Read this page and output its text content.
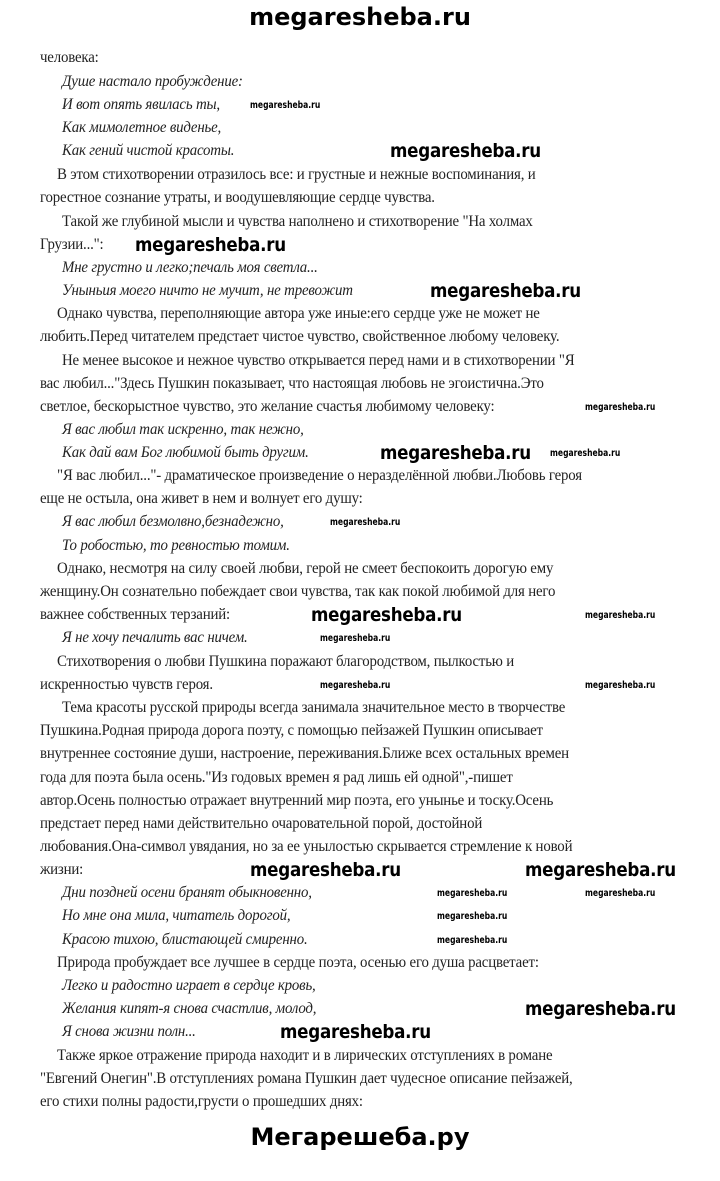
megaresheba.ru
человека:
Душе настало пробуждение:
И вот опять явилась ты,
Как мимолетное виденье,
Как гений чистой красоты.
В этом стихотворении отразилось все: и грустные и нежные воспоминания, и
горестное сознание утраты, и воодушевляющие сердце чувства.
Такой же глубиной мысли и чувства наполнено и стихотворение "На холмах
Грузии...":
Мне грустно и легко;печаль моя светла...
Уныньия моего ничто не мучит, не тревожит
Однако чувства, переполняющие автора уже иные:его сердце уже не может не
любить.Перед читателем предстает чистое чувство, свойственное любому человеку.
Не менее высокое и нежное чувство открывается перед нами и в стихотворении "Я
вас любил..."Здесь Пушкин показывает, что настоящая любовь не эгоистична.Это
светлое, бескорыстное чувство, это желание счастья любимому человеку:
Я вас любил так искренно, так нежно,
Как дай вам Бог любимой быть другим.
"Я вас любил..."- драматическое произведение о неразделённой любви.Любовь героя
еще не остыла, она живет в нем и волнует его душу:
Я вас любил безмолвно,безнадежно,
То робостью, то ревностью томим.
Однако, несмотря на силу своей любви, герой не смеет беспокоить дорогую ему
женщину.Он сознательно побеждает свои чувства, так как покой любимой для него
важнее собственных терзаний:
Я не хочу печалить вас ничем.
Стихотворения о любви Пушкина поражают благородством, пылкостью и
искренностью чувств героя.
Тема красоты русской природы всегда занимала значительное место в творчестве
Пушкина.Родная природа дорога поэту, с помощью пейзажей Пушкин описывает
внутреннее состояние души, настроение, переживания.Ближе всех остальных времен
года для поэта была осень."Из годовых времен я рад лишь ей одной",-пишет
автор.Осень полностью отражает внутренний мир поэта, его унынье и тоску.Осень
предстает перед нами действительно очаровательной порой, достойной
любования.Она-символ увядания, но за ее унылостью скрывается стремление к новой
жизни:
Дни поздней осени бранят обыкновенно,
Но мне она мила, читатель дорогой,
Красою тихою, блистающей смиренно.
Природа пробуждает все лучшее в сердце поэта, осенью его душа расцветает:
Легко и радостно играет в сердце кровь,
Желания кипят-я снова счастлив, молод,
Я снова жизни полн...
Также яркое отражение природа находит и в лирических отступлениях в романе
"Евгений Онегин".В отступлениях романа Пушкин дает чудесное описание пейзажей,
его стихи полны радости,грусти о прошедших днях:
megaresheba.ru
megaresheba.ru
megaresheba.ru
megaresheba.ru
megaresheba.ru
megaresheba.ru	megaresheba.ru
megaresheba.ru
megaresheba.ru
megaresheba.ru
megaresheba.ru
megaresheba.ru
megaresheba.ru
megaresheba.ru
megaresheba.ru
megaresheba.ru
megaresheba.ru
megaresheba.ru	megaresheba.ru
megaresheba.ru
megaresheba.ru
Мегарешеба.ру
